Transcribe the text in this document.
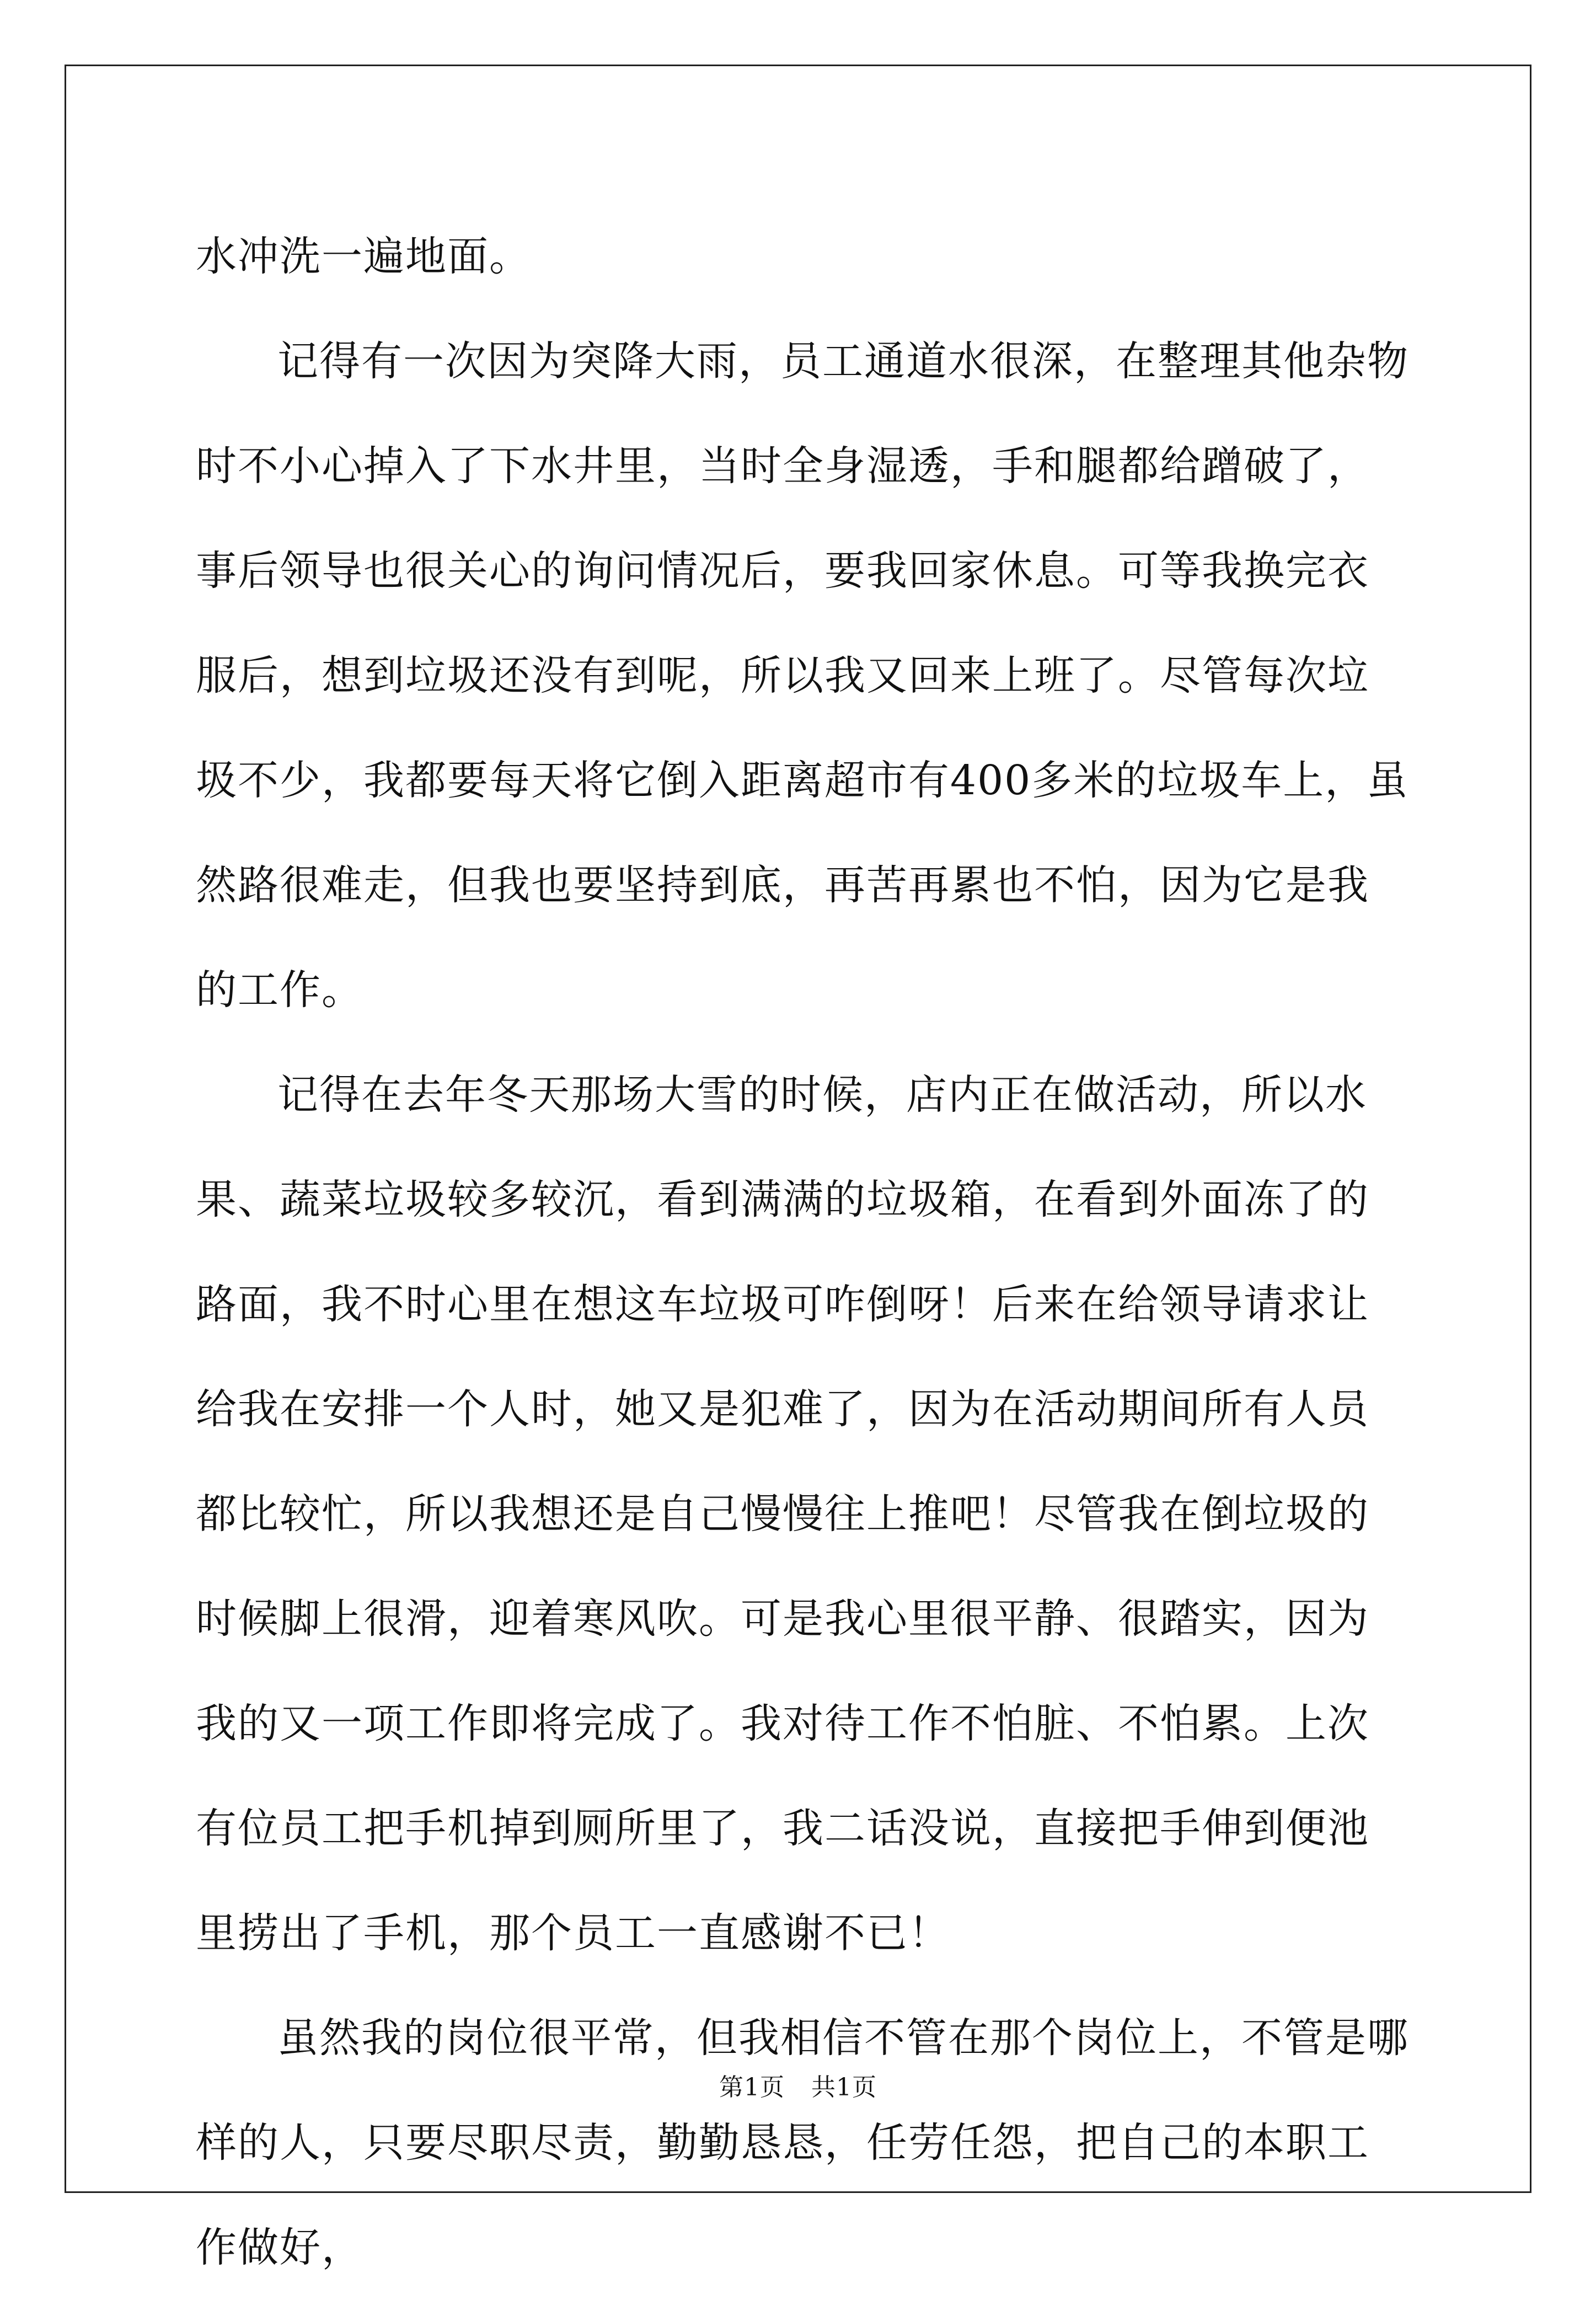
水冲洗一遍地面。

记得有一次因为突降大雨，员工通道水很深，在整理其他杂物时不小心掉入了下水井里，当时全身湿透，手和腿都给蹭破了，事后领导也很关心的询问情况后，要我回家休息。可等我换完衣服后，想到垃圾还没有到呢，所以我又回来上班了。尽管每次垃圾不少，我都要每天将它倒入距离超市有400多米的垃圾车上，虽然路很难走，但我也要坚持到底，再苦再累也不怕，因为它是我的工作。

记得在去年冬天那场大雪的时候，店内正在做活动，所以水果、蔬菜垃圾较多较沉，看到满满的垃圾箱，在看到外面冻了的路面，我不时心里在想这车垃圾可咋倒呀！后来在给领导请求让给我在安排一个人时，她又是犯难了，因为在活动期间所有人员都比较忙，所以我想还是自己慢慢往上推吧！尽管我在倒垃圾的时候脚上很滑，迎着寒风吹。可是我心里很平静、很踏实，因为我的又一项工作即将完成了。我对待工作不怕脏、不怕累。上次有位员工把手机掉到厕所里了，我二话没说，直接把手伸到便池里捞出了手机，那个员工一直感谢不已！

虽然我的岗位很平常，但我相信不管在那个岗位上，不管是哪样的人，只要尽职尽责，勤勤恳恳，任劳任怨，把自己的本职工作做好，

第1页 共1页
